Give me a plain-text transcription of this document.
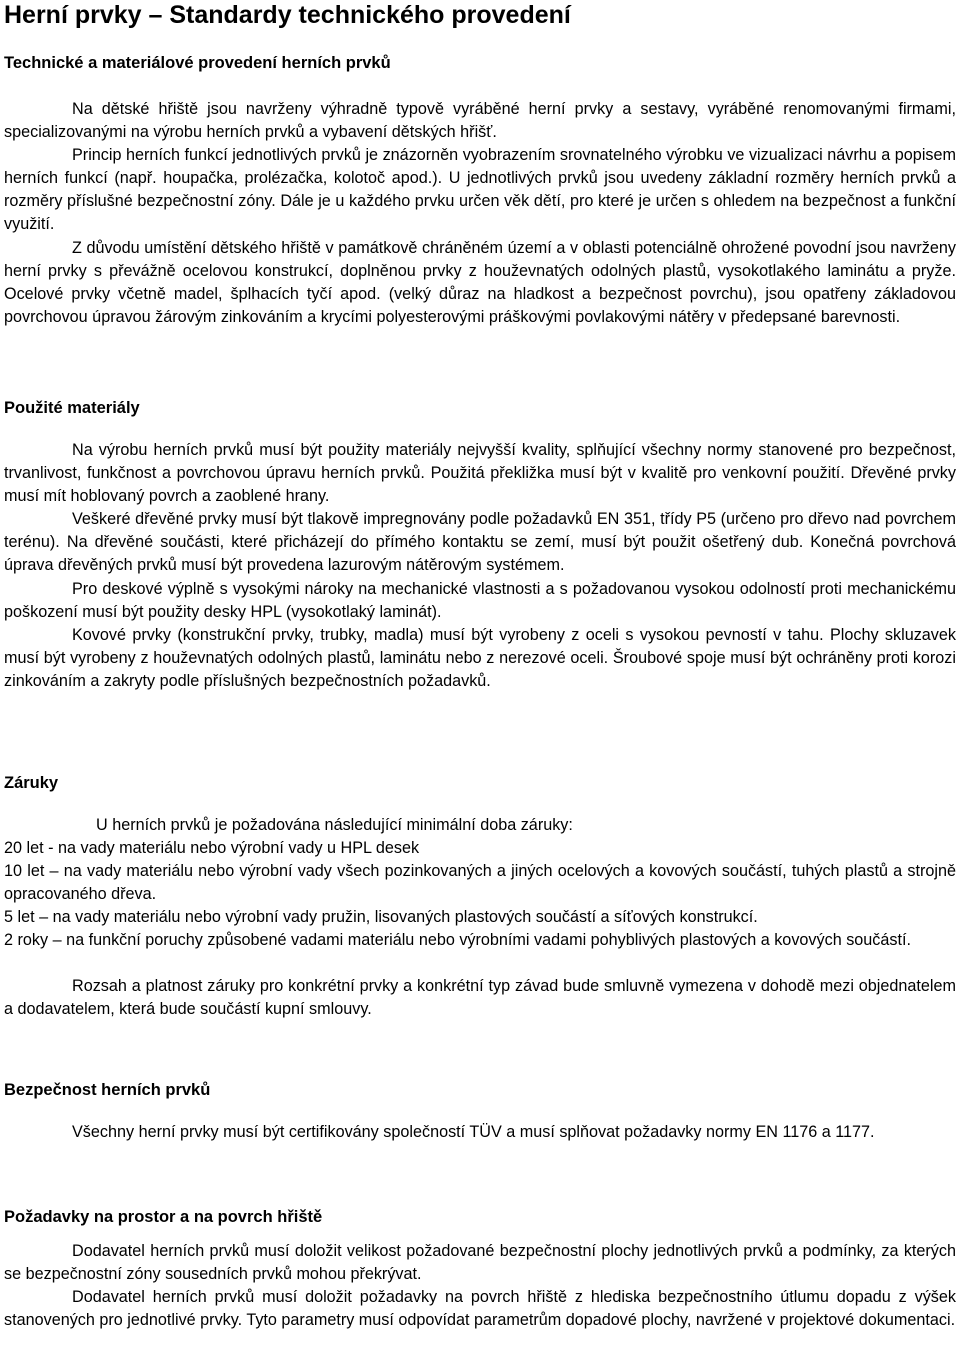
Herní prvky – Standardy technického provedení

Technické a materiálové provedení herních prvků

Na dětské hřiště jsou navrženy výhradně typově vyráběné herní prvky a sestavy, vyráběné renomovanými firmami, specializovanými na výrobu herních prvků a vybavení dětských hřišť.

Princip herních funkcí jednotlivých prvků je znázorněn vyobrazením srovnatelného výrobku ve vizualizaci návrhu a popisem herních funkcí (např. houpačka, prolézačka, kolotoč apod.). U jednotlivých prvků jsou uvedeny základní rozměry herních prvků a rozměry příslušné bezpečnostní zóny. Dále je u každého prvku určen věk dětí, pro které je určen s ohledem na bezpečnost a funkční využití.

Z důvodu umístění dětského hřiště v památkově chráněném území a v oblasti potenciálně ohrožené povodní jsou navrženy herní prvky s převážně ocelovou konstrukcí, doplněnou prvky z houževnatých odolných plastů, vysokotlakého laminátu a pryže. Ocelové prvky včetně madel, šplhacích tyčí apod. (velký důraz na hladkost a bezpečnost povrchu), jsou opatřeny základovou povrchovou úpravou žárovým zinkováním a krycími polyesterovými práškovými povlakovými nátěry v předepsané barevnosti.

Použité materiály

Na výrobu herních prvků musí být použity materiály nejvyšší kvality, splňující všechny normy stanovené pro bezpečnost, trvanlivost, funkčnost a povrchovou úpravu herních prvků. Použitá překližka musí být v kvalitě pro venkovní použití. Dřevěné prvky musí mít hoblovaný povrch a zaoblené hrany.

Veškeré dřevěné prvky musí být tlakově impregnovány podle požadavků EN 351, třídy P5 (určeno pro dřevo nad povrchem terénu). Na dřevěné součásti, které přicházejí do přímého kontaktu se zemí, musí být použit ošetřený dub. Konečná povrchová úprava dřevěných prvků musí být provedena lazurovým nátěrovým systémem.

Pro deskové výplně s vysokými nároky na mechanické vlastnosti a s požadovanou vysokou odolností proti mechanickému poškození musí být použity desky HPL (vysokotlaký laminát).

Kovové prvky (konstrukční prvky, trubky, madla) musí být vyrobeny z oceli s vysokou pevností v tahu. Plochy skluzavek musí být vyrobeny z houževnatých odolných plastů, laminátu nebo z nerezové oceli. Šroubové spoje musí být ochráněny proti korozi zinkováním a zakryty podle příslušných bezpečnostních požadavků.

Záruky

U herních prvků je požadována následující minimální doba záruky:

20 let - na vady materiálu nebo výrobní vady u HPL desek

10 let – na vady materiálu nebo výrobní vady všech pozinkovaných a jiných ocelových a kovových součástí, tuhých plastů a strojně opracovaného dřeva.

5 let – na vady materiálu nebo výrobní vady pružin, lisovaných plastových součástí a síťových konstrukcí.

2 roky – na funkční poruchy způsobené vadami materiálu nebo výrobními vadami pohyblivých plastových a kovových součástí.

Rozsah a platnost záruky pro konkrétní prvky a konkrétní typ závad bude smluvně vymezena v dohodě mezi objednatelem a dodavatelem, která bude součástí kupní smlouvy.

Bezpečnost herních prvků

Všechny herní prvky musí být certifikovány společností TÜV a musí splňovat požadavky normy EN 1176 a 1177.

Požadavky na prostor a na povrch hřiště

Dodavatel herních prvků musí doložit velikost požadované bezpečnostní plochy jednotlivých prvků a podmínky, za kterých se bezpečnostní zóny sousedních prvků mohou překrývat.

Dodavatel herních prvků musí doložit požadavky na povrch hřiště z hlediska bezpečnostního útlumu dopadu z výšek stanovených pro jednotlivé prvky. Tyto parametry musí odpovídat parametrům dopadové plochy, navržené v projektové dokumentaci.
